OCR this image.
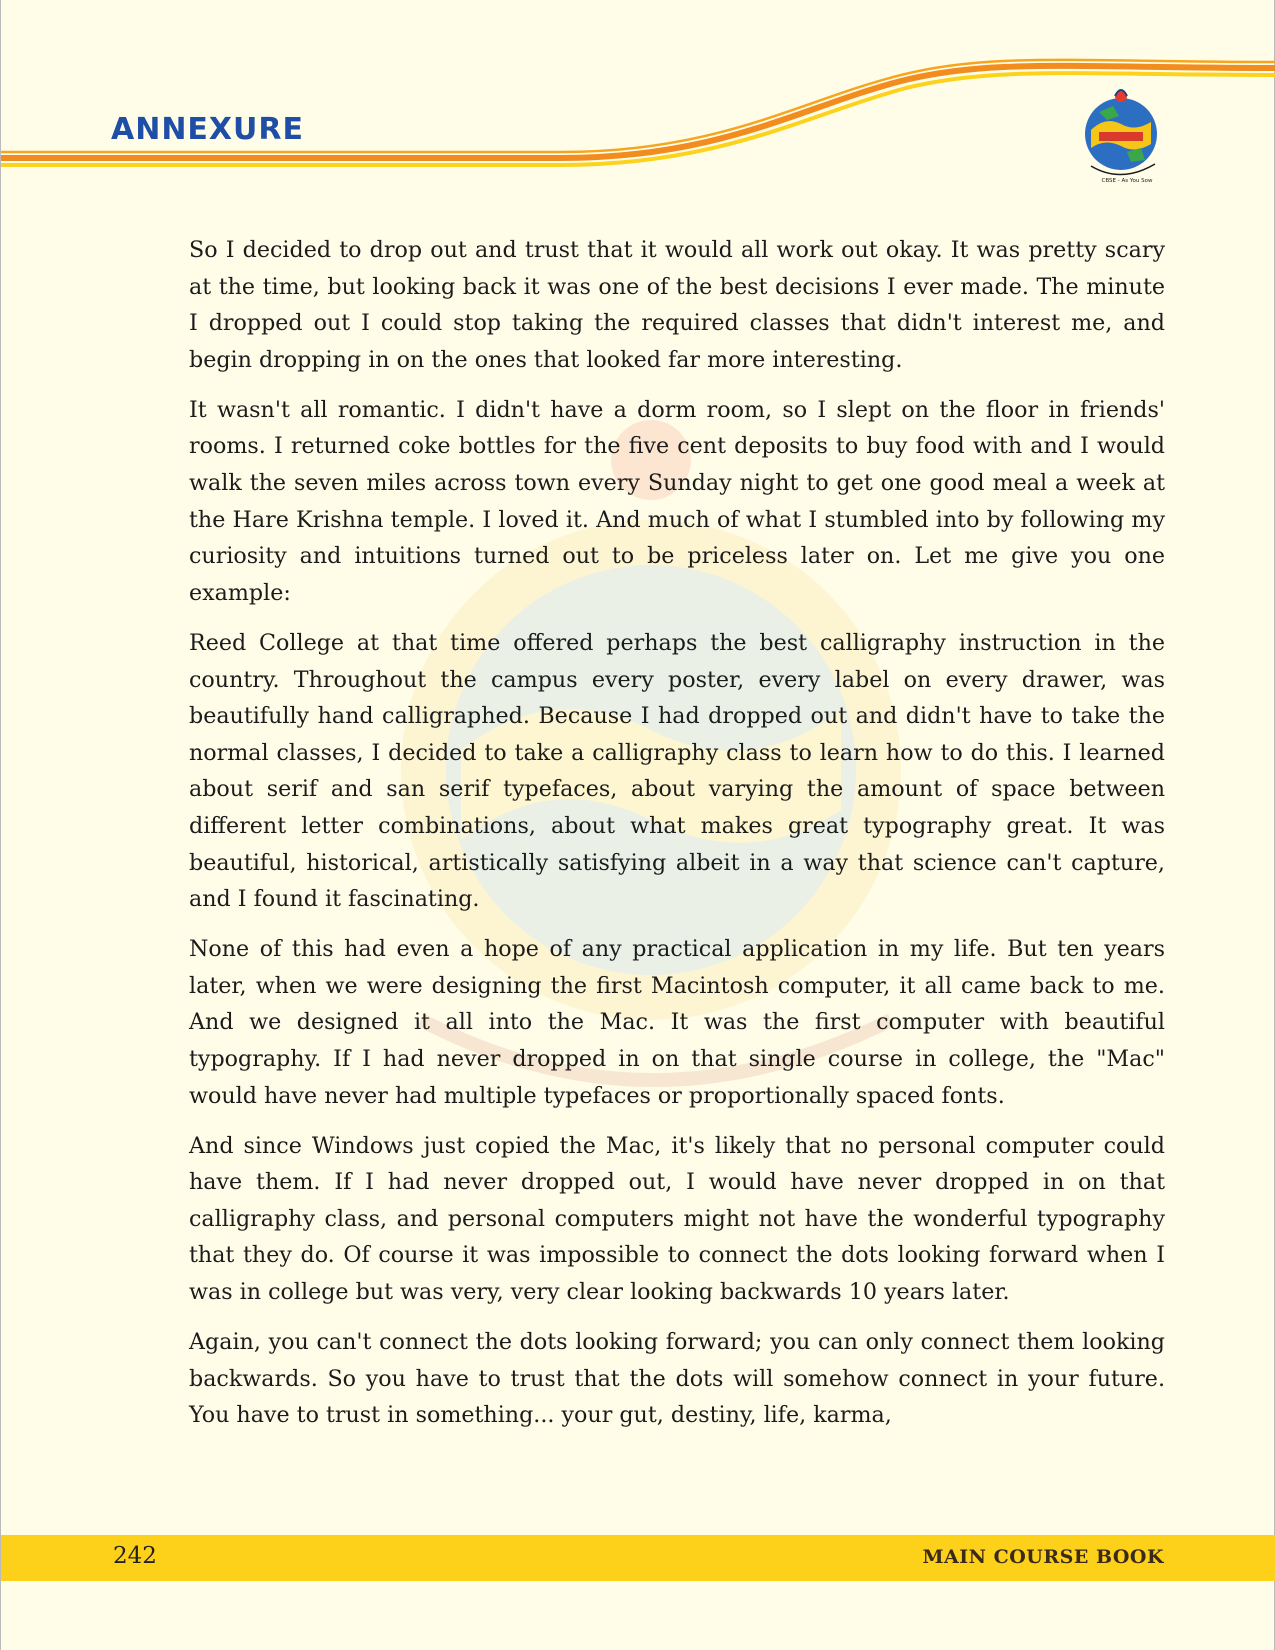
ANNEXURE
CBSE - As You Sow

So I decided to drop out and trust that it would all work out okay. It was pretty scary at the time, but looking back it was one of the best decisions I ever made. The minute I dropped out I could stop taking the required classes that didn't interest me, and begin dropping in on the ones that looked far more interesting.

It wasn't all romantic. I didn't have a dorm room, so I slept on the floor in friends' rooms. I returned coke bottles for the five cent deposits to buy food with and I would walk the seven miles across town every Sunday night to get one good meal a week at the Hare Krishna temple. I loved it. And much of what I stumbled into by following my curiosity and intuitions turned out to be priceless later on. Let me give you one example:

Reed College at that time offered perhaps the best calligraphy instruction in the country. Throughout the campus every poster, every label on every drawer, was beautifully hand calligraphed. Because I had dropped out and didn't have to take the normal classes, I decided to take a calligraphy class to learn how to do this. I learned about serif and san serif typefaces, about varying the amount of space between different letter combinations, about what makes great typography great. It was beautiful, historical, artistically satisfying albeit in a way that science can't capture, and I found it fascinating.

None of this had even a hope of any practical application in my life. But ten years later, when we were designing the first Macintosh computer, it all came back to me. And we designed it all into the Mac. It was the first computer with beautiful typography. If I had never dropped in on that single course in college, the "Mac" would have never had multiple typefaces or proportionally spaced fonts.

And since Windows just copied the Mac, it's likely that no personal computer could have them. If I had never dropped out, I would have never dropped in on that calligraphy class, and personal computers might not have the wonderful typography that they do. Of course it was impossible to connect the dots looking forward when I was in college but was very, very clear looking backwards 10 years later.

Again, you can't connect the dots looking forward; you can only connect them looking backwards. So you have to trust that the dots will somehow connect in your future. You have to trust in something... your gut, destiny, life, karma,

242	MAIN COURSE BOOK
